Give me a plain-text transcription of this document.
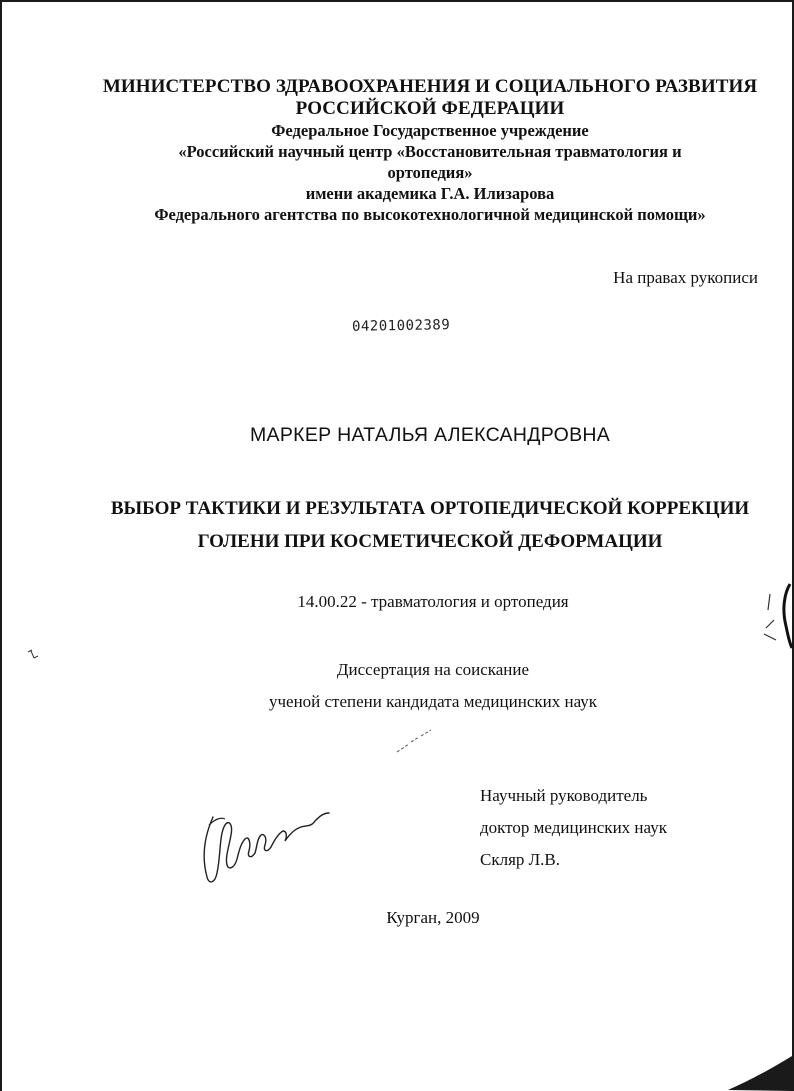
МИНИСТЕРСТВО ЗДРАВООХРАНЕНИЯ И СОЦИАЛЬНОГО РАЗВИТИЯ
РОССИЙСКОЙ ФЕДЕРАЦИИ
Федеральное Государственное учреждение
«Российский научный центр «Восстановительная травматология и
ортопедия»
имени академика Г.А. Илизарова
Федерального агентства по высокотехнологичной медицинской помощи»
На правах рукописи
04201002389
МАРКЕР НАТАЛЬЯ АЛЕКСАНДРОВНА
ВЫБОР ТАКТИКИ И РЕЗУЛЬТАТА ОРТОПЕДИЧЕСКОЙ КОРРЕКЦИИ
ГОЛЕНИ ПРИ КОСМЕТИЧЕСКОЙ ДЕФОРМАЦИИ
14.00.22 - травматология и ортопедия
Диссертация на соискание
ученой степени кандидата медицинских наук
Научный руководитель
доктор медицинских наук
Скляр Л.В.
Курган, 2009
